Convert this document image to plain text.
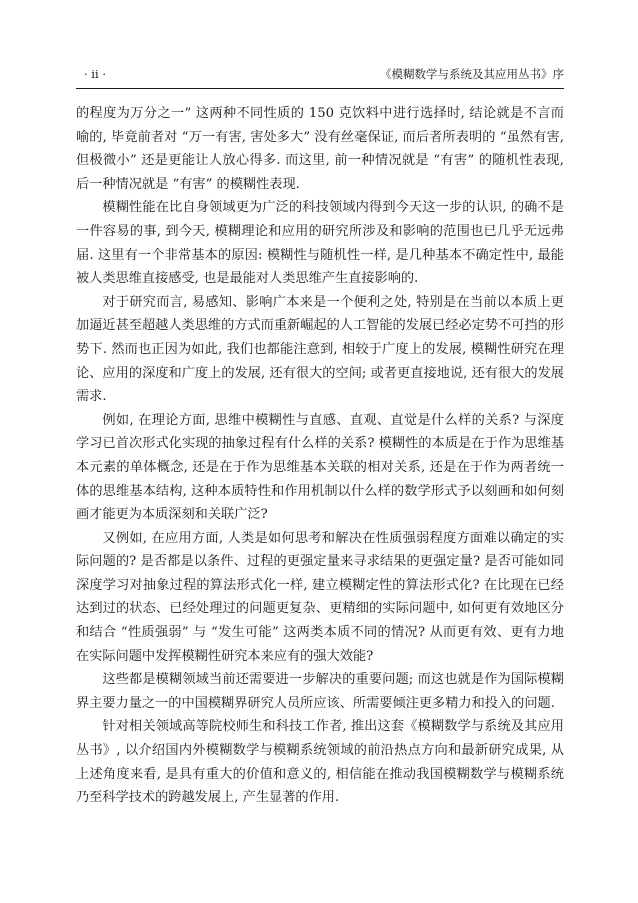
· ii ·	《模糊数学与系统及其应用丛书》序

的程度为万分之一” 这两种不同性质的 150 克饮料中进行选择时, 结论就是不言而喻的, 毕竟前者对 “万一有害, 害处多大” 没有丝毫保证, 而后者所表明的 “虽然有害, 但极微小” 还是更能让人放心得多. 而这里, 前一种情况就是 “有害” 的随机性表现, 后一种情况就是 “有害” 的模糊性表现.

模糊性能在比自身领域更为广泛的科技领域内得到今天这一步的认识, 的确不是一件容易的事, 到今天, 模糊理论和应用的研究所涉及和影响的范围也已几乎无远弗届. 这里有一个非常基本的原因: 模糊性与随机性一样, 是几种基本不确定性中, 最能被人类思维直接感受, 也是最能对人类思维产生直接影响的.

对于研究而言, 易感知、影响广本来是一个便利之处, 特别是在当前以本质上更加逼近甚至超越人类思维的方式而重新崛起的人工智能的发展已经必定势不可挡的形势下. 然而也正因为如此, 我们也都能注意到, 相较于广度上的发展, 模糊性研究在理论、应用的深度和广度上的发展, 还有很大的空间; 或者更直接地说, 还有很大的发展需求.

例如, 在理论方面, 思维中模糊性与直感、直观、直觉是什么样的关系? 与深度学习已首次形式化实现的抽象过程有什么样的关系? 模糊性的本质是在于作为思维基本元素的单体概念, 还是在于作为思维基本关联的相对关系, 还是在于作为两者统一体的思维基本结构, 这种本质特性和作用机制以什么样的数学形式予以刻画和如何刻画才能更为本质深刻和关联广泛?

又例如, 在应用方面, 人类是如何思考和解决在性质强弱程度方面难以确定的实际问题的? 是否都是以条件、过程的更强定量来寻求结果的更强定量? 是否可能如同深度学习对抽象过程的算法形式化一样, 建立模糊定性的算法形式化? 在比现在已经达到过的状态、已经处理过的问题更复杂、更精细的实际问题中, 如何更有效地区分和结合 “性质强弱” 与 “发生可能” 这两类本质不同的情况? 从而更有效、更有力地在实际问题中发挥模糊性研究本来应有的强大效能?

这些都是模糊领域当前还需要进一步解决的重要问题; 而这也就是作为国际模糊界主要力量之一的中国模糊界研究人员所应该、所需要倾注更多精力和投入的问题.

针对相关领域高等院校师生和科技工作者, 推出这套《模糊数学与系统及其应用丛书》, 以介绍国内外模糊数学与模糊系统领域的前沿热点方向和最新研究成果, 从上述角度来看, 是具有重大的价值和意义的, 相信能在推动我国模糊数学与模糊系统乃至科学技术的跨越发展上, 产生显著的作用.
